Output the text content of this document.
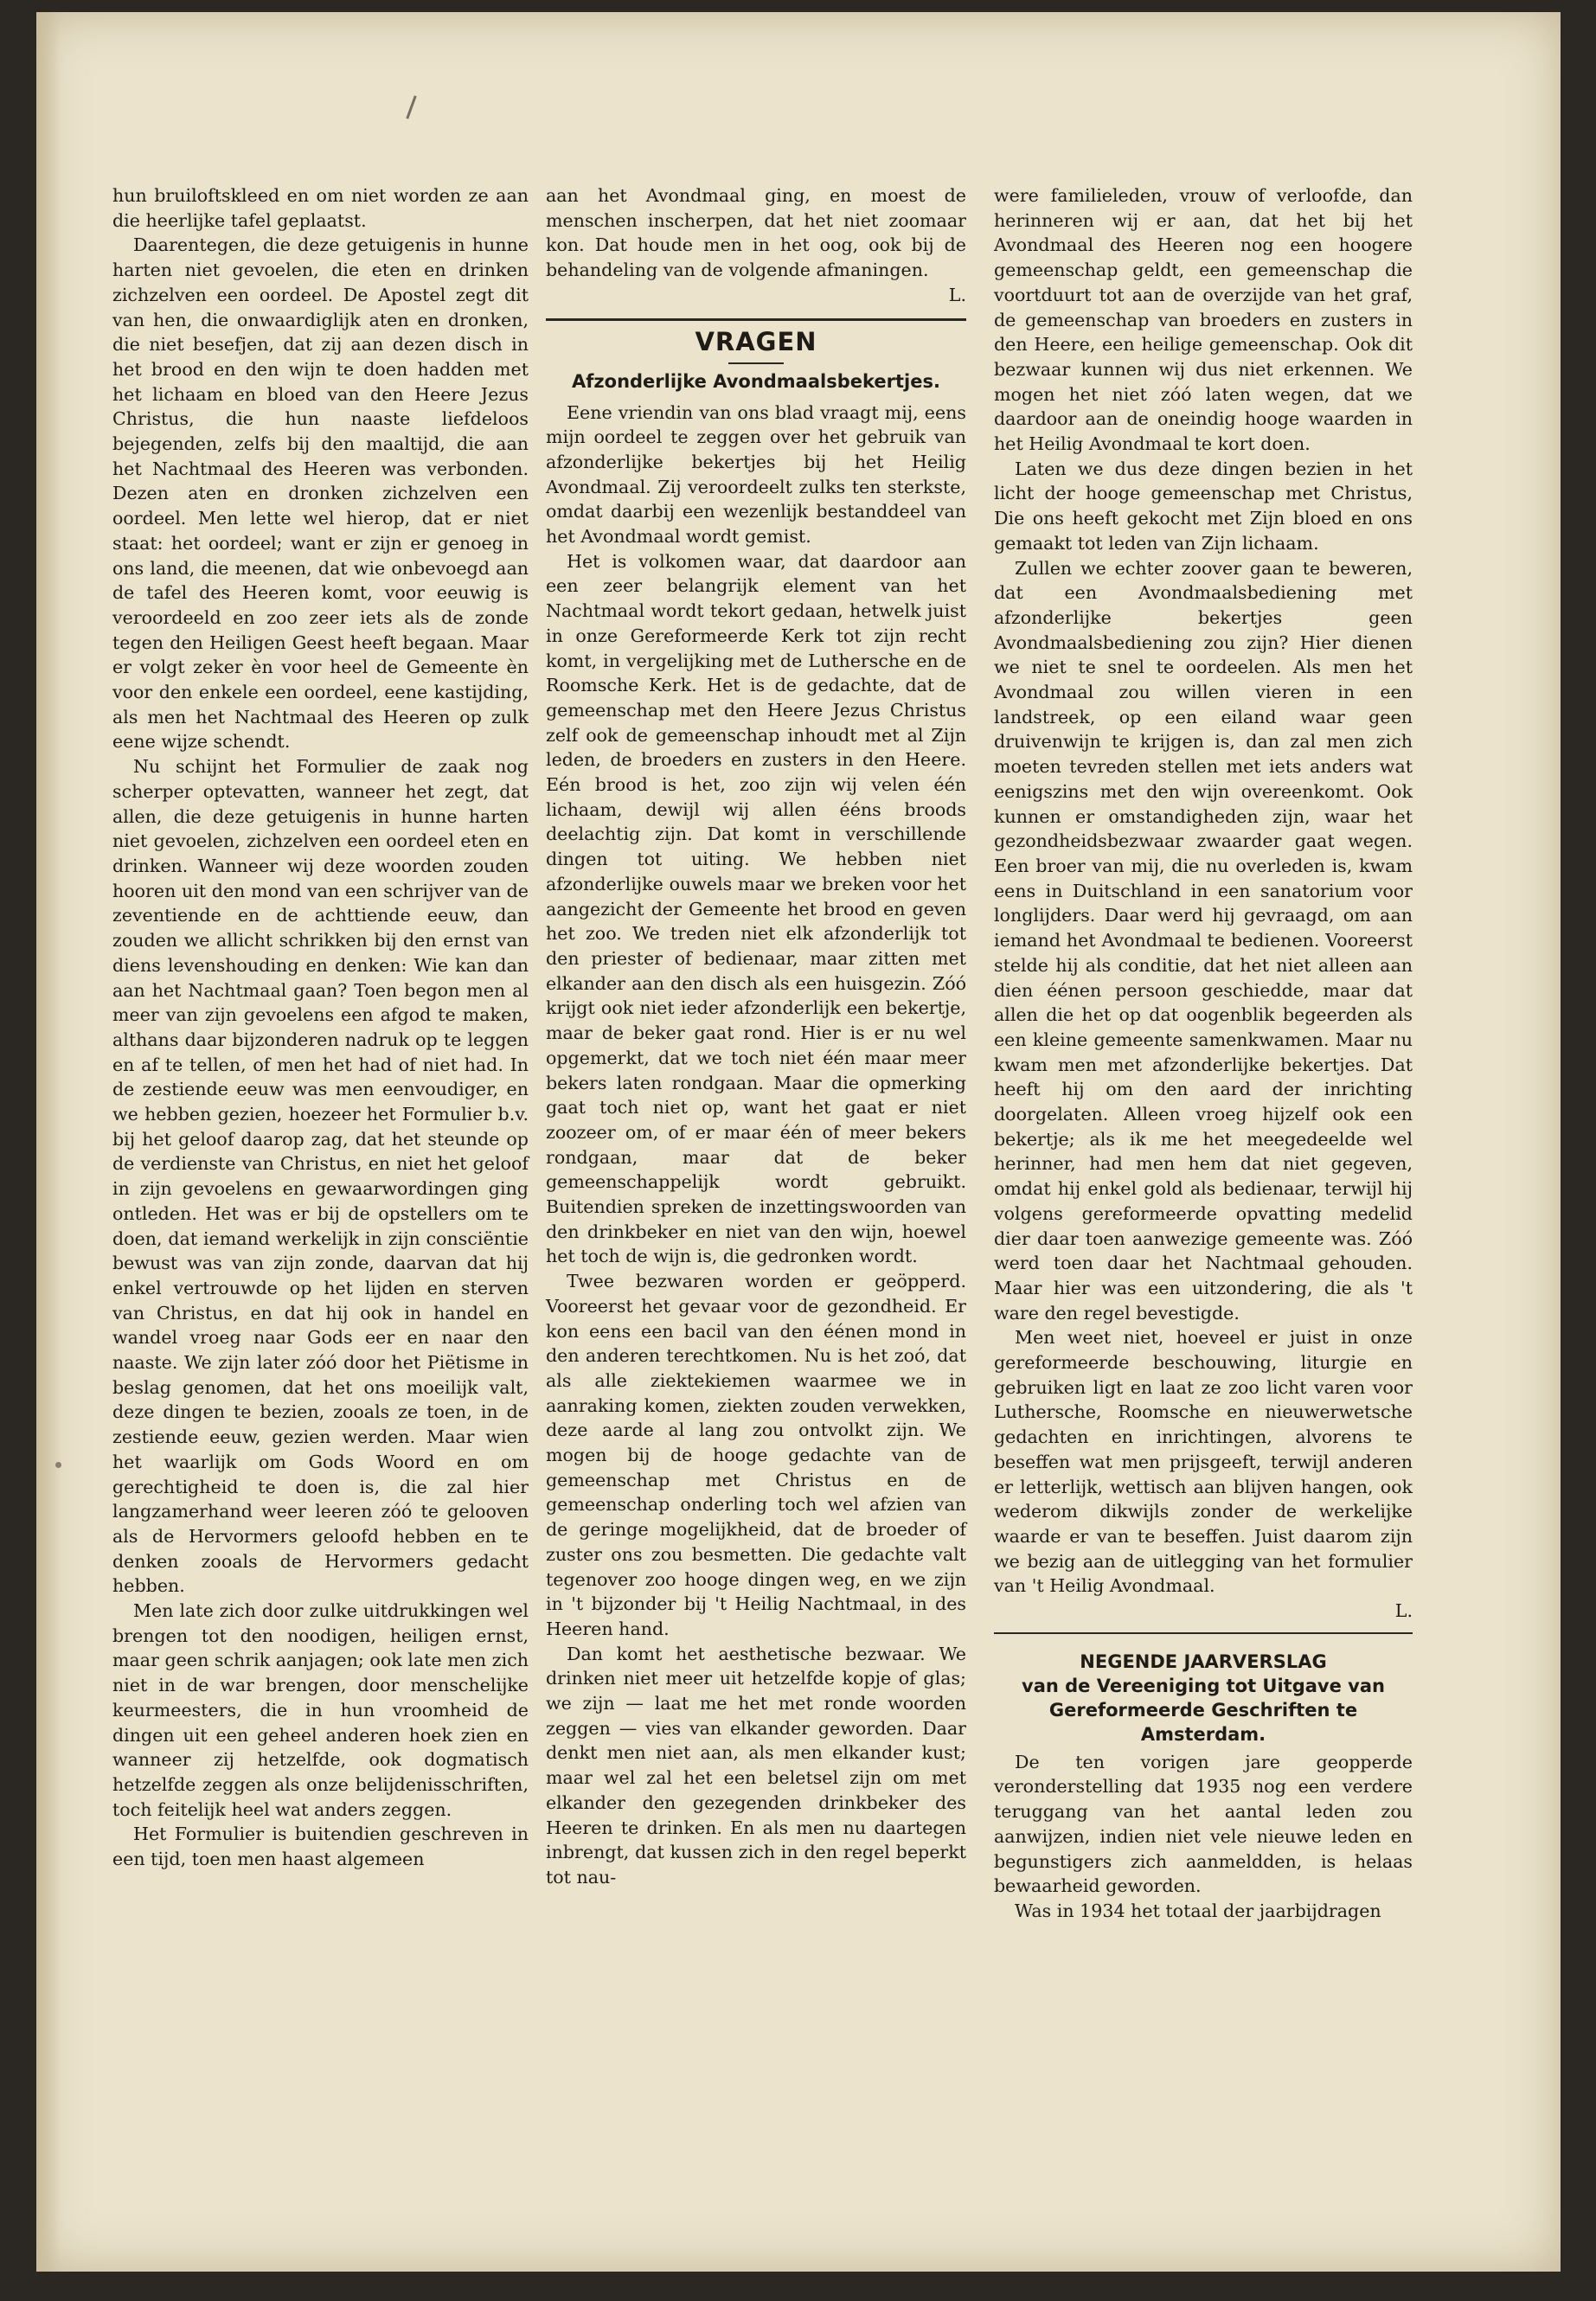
hun bruiloftskleed en om niet worden ze aan die heerlijke tafel geplaatst.

Daarentegen, die deze getuigenis in hunne harten niet gevoelen, die eten en drinken zichzelven een oordeel. De Apostel zegt dit van hen, die onwaardiglijk aten en dronken, die niet besefjen, dat zij aan dezen disch in het brood en den wijn te doen hadden met het lichaam en bloed van den Heere Jezus Christus, die hun naaste liefdeloos bejegenden, zelfs bij den maaltijd, die aan het Nachtmaal des Heeren was verbonden. Dezen aten en dronken zichzelven een oordeel. Men lette wel hierop, dat er niet staat: het oordeel; want er zijn er genoeg in ons land, die meenen, dat wie onbevoegd aan de tafel des Heeren komt, voor eeuwig is veroordeeld en zoo zeer iets als de zonde tegen den Heiligen Geest heeft begaan. Maar er volgt zeker èn voor heel de Gemeente èn voor den enkele een oordeel, eene kastijding, als men het Nachtmaal des Heeren op zulk eene wijze schendt.

Nu schijnt het Formulier de zaak nog scherper optevatten, wanneer het zegt, dat allen, die deze getuigenis in hunne harten niet gevoelen, zichzelven een oordeel eten en drinken. Wanneer wij deze woorden zouden hooren uit den mond van een schrijver van de zeventiende en de achttiende eeuw, dan zouden we allicht schrikken bij den ernst van diens levenshouding en denken: Wie kan dan aan het Nachtmaal gaan? Toen begon men al meer van zijn gevoelens een afgod te maken, althans daar bijzonderen nadruk op te leggen en af te tellen, of men het had of niet had. In de zestiende eeuw was men eenvoudiger, en we hebben gezien, hoezeer het Formulier b.v. bij het geloof daarop zag, dat het steunde op de verdienste van Christus, en niet het geloof in zijn gevoelens en gewaarwordingen ging ontleden. Het was er bij de opstellers om te doen, dat iemand werkelijk in zijn consciëntie bewust was van zijn zonde, daarvan dat hij enkel vertrouwde op het lijden en sterven van Christus, en dat hij ook in handel en wandel vroeg naar Gods eer en naar den naaste. We zijn later zóó door het Piëtisme in beslag genomen, dat het ons moeilijk valt, deze dingen te bezien, zooals ze toen, in de zestiende eeuw, gezien werden. Maar wien het waarlijk om Gods Woord en om gerechtigheid te doen is, die zal hier langzamerhand weer leeren zóó te gelooven als de Hervormers geloofd hebben en te denken zooals de Hervormers gedacht hebben.

Men late zich door zulke uitdrukkingen wel brengen tot den noodigen, heiligen ernst, maar geen schrik aanjagen; ook late men zich niet in de war brengen, door menschelijke keurmeesters, die in hun vroomheid de dingen uit een geheel anderen hoek zien en wanneer zij hetzelfde, ook dogmatisch hetzelfde zeggen als onze belijdenisschriften, toch feitelijk heel wat anders zeggen.

Het Formulier is buitendien geschreven in een tijd, toen men haast algemeen

aan het Avondmaal ging, en moest de menschen inscherpen, dat het niet zoomaar kon. Dat houde men in het oog, ook bij de behandeling van de volgende afmaningen.

L.

VRAGEN
Afzonderlijke Avondmaalsbekertjes.

Eene vriendin van ons blad vraagt mij, eens mijn oordeel te zeggen over het gebruik van afzonderlijke bekertjes bij het Heilig Avondmaal. Zij veroordeelt zulks ten sterkste, omdat daarbij een wezenlijk bestanddeel van het Avondmaal wordt gemist.

Het is volkomen waar, dat daardoor aan een zeer belangrijk element van het Nachtmaal wordt tekort gedaan, hetwelk juist in onze Gereformeerde Kerk tot zijn recht komt, in vergelijking met de Luthersche en de Roomsche Kerk. Het is de gedachte, dat de gemeenschap met den Heere Jezus Christus zelf ook de gemeenschap inhoudt met al Zijn leden, de broeders en zusters in den Heere. Eén brood is het, zoo zijn wij velen één lichaam, dewijl wij allen ééns broods deelachtig zijn. Dat komt in verschillende dingen tot uiting. We hebben niet afzonderlijke ouwels maar we breken voor het aangezicht der Gemeente het brood en geven het zoo. We treden niet elk afzonderlijk tot den priester of bedienaar, maar zitten met elkander aan den disch als een huisgezin. Zóó krijgt ook niet ieder afzonderlijk een bekertje, maar de beker gaat rond. Hier is er nu wel opgemerkt, dat we toch niet één maar meer bekers laten rondgaan. Maar die opmerking gaat toch niet op, want het gaat er niet zoozeer om, of er maar één of meer bekers rondgaan, maar dat de beker gemeenschappelijk wordt gebruikt. Buitendien spreken de inzettingswoorden van den drinkbeker en niet van den wijn, hoewel het toch de wijn is, die gedronken wordt.

Twee bezwaren worden er geöpperd. Vooreerst het gevaar voor de gezondheid. Er kon eens een bacil van den éénen mond in den anderen terechtkomen. Nu is het zoó, dat als alle ziektekiemen waarmee we in aanraking komen, ziekten zouden verwekken, deze aarde al lang zou ontvolkt zijn. We mogen bij de hooge gedachte van de gemeenschap met Christus en de gemeenschap onderling toch wel afzien van de geringe mogelijkheid, dat de broeder of zuster ons zou besmetten. Die gedachte valt tegenover zoo hooge dingen weg, en we zijn in 't bijzonder bij 't Heilig Nachtmaal, in des Heeren hand.

Dan komt het aesthetische bezwaar. We drinken niet meer uit hetzelfde kopje of glas; we zijn — laat me het met ronde woorden zeggen — vies van elkander geworden. Daar denkt men niet aan, als men elkander kust; maar wel zal het een beletsel zijn om met elkander den gezegenden drinkbeker des Heeren te drinken. En als men nu daartegen inbrengt, dat kussen zich in den regel beperkt tot nau-

were familieleden, vrouw of verloofde, dan herinneren wij er aan, dat het bij het Avondmaal des Heeren nog een hoogere gemeenschap geldt, een gemeenschap die voortduurt tot aan de overzijde van het graf, de gemeenschap van broeders en zusters in den Heere, een heilige gemeenschap. Ook dit bezwaar kunnen wij dus niet erkennen. We mogen het niet zóó laten wegen, dat we daardoor aan de oneindig hooge waarden in het Heilig Avondmaal te kort doen.

Laten we dus deze dingen bezien in het licht der hooge gemeenschap met Christus, Die ons heeft gekocht met Zijn bloed en ons gemaakt tot leden van Zijn lichaam.

Zullen we echter zoover gaan te beweren, dat een Avondmaalsbediening met afzonderlijke bekertjes geen Avondmaalsbediening zou zijn? Hier dienen we niet te snel te oordeelen. Als men het Avondmaal zou willen vieren in een landstreek, op een eiland waar geen druivenwijn te krijgen is, dan zal men zich moeten tevreden stellen met iets anders wat eenigszins met den wijn overeenkomt. Ook kunnen er omstandigheden zijn, waar het gezondheidsbezwaar zwaarder gaat wegen. Een broer van mij, die nu overleden is, kwam eens in Duitschland in een sanatorium voor longlijders. Daar werd hij gevraagd, om aan iemand het Avondmaal te bedienen. Vooreerst stelde hij als conditie, dat het niet alleen aan dien éénen persoon geschiedde, maar dat allen die het op dat oogenblik begeerden als een kleine gemeente samenkwamen. Maar nu kwam men met afzonderlijke bekertjes. Dat heeft hij om den aard der inrichting doorgelaten. Alleen vroeg hijzelf ook een bekertje; als ik me het meegedeelde wel herinner, had men hem dat niet gegeven, omdat hij enkel gold als bedienaar, terwijl hij volgens gereformeerde opvatting medelid dier daar toen aanwezige gemeente was. Zóó werd toen daar het Nachtmaal gehouden. Maar hier was een uitzondering, die als 't ware den regel bevestigde.

Men weet niet, hoeveel er juist in onze gereformeerde beschouwing, liturgie en gebruiken ligt en laat ze zoo licht varen voor Luthersche, Roomsche en nieuwerwetsche gedachten en inrichtingen, alvorens te beseffen wat men prijsgeeft, terwijl anderen er letterlijk, wettisch aan blijven hangen, ook wederom dikwijls zonder de werkelijke waarde er van te beseffen. Juist daarom zijn we bezig aan de uitlegging van het formulier van 't Heilig Avondmaal.

L.

NEGENDE JAARVERSLAG
van de Vereeniging tot Uitgave van
Gereformeerde Geschriften te
Amsterdam.

De ten vorigen jare geopperde veronderstelling dat 1935 nog een verdere teruggang van het aantal leden zou aanwijzen, indien niet vele nieuwe leden en begunstigers zich aanmeldden, is helaas bewaarheid geworden.

Was in 1934 het totaal der jaarbijdragen
